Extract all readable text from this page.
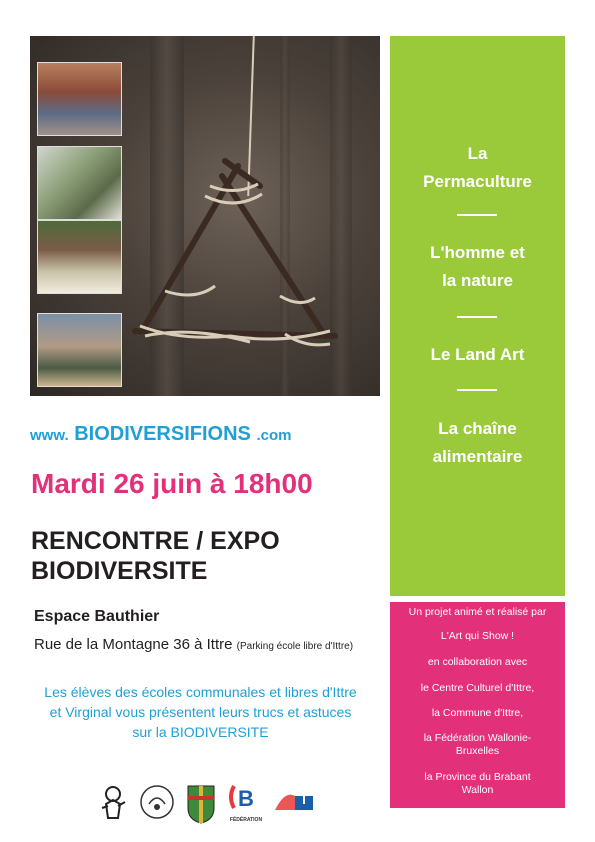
www. BIODIVERSIFIONS .com
Mardi 26 juin à 18h00
RENCONTRE / EXPO
BIODIVERSITE
Espace Bauthier
Rue de la Montagne 36 à Ittre (Parking école libre d'Ittre)
Les élèves des écoles communales et libres d'Ittre
et Virginal vous présentent leurs trucs et astuces
sur la BIODIVERSITE
B
FÉDÉRATION
La
Permaculture
L'homme et
la nature
Le Land Art
La chaîne
alimentaire
Un projet animé et réalisé par
L'Art qui Show !
en collaboration avec
le Centre Culturel d'Ittre,
la Commune d'Ittre,
la Fédération Wallonie-
Bruxelles
la Province du Brabant
Wallon
